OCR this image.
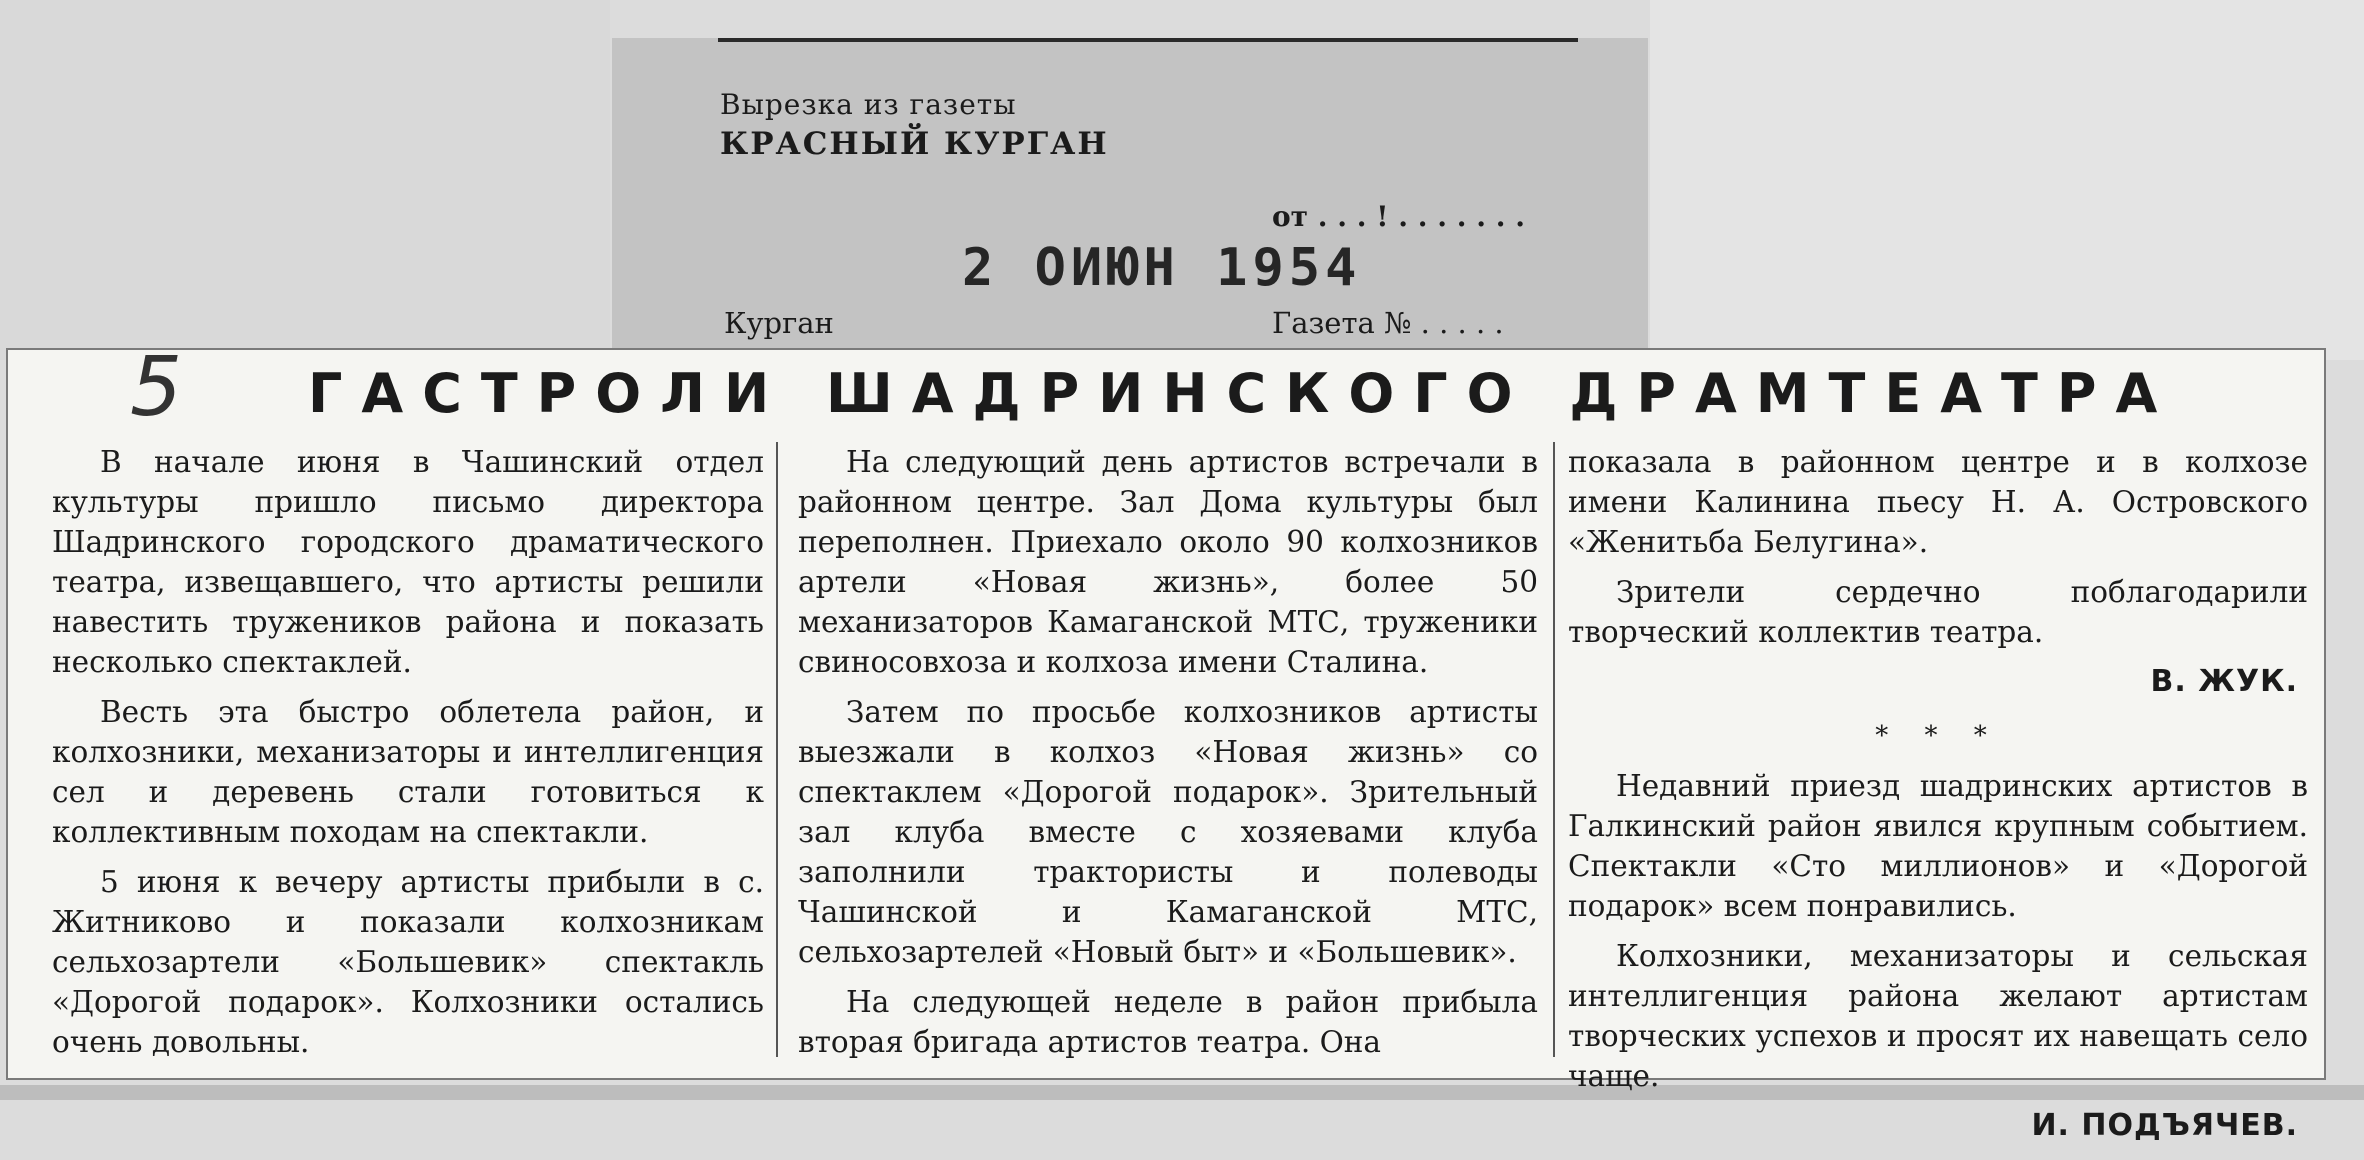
Вырезка из газеты
КРАСНЫЙ КУРГАН
от . . . ! . . . . . . .
2 ОИЮН 1954
Курган	Газета № . . . . .
5 ГАСТРОЛИ ШАДРИНСКОГО ДРАМТЕАТРА

В начале июня в Чашинский отдел культуры пришло письмо директора Шадринского городского драматического театра, извещавшего, что артисты решили навестить тружеников района и показать несколько спектаклей.

Весть эта быстро облетела район, и колхозники, механизаторы и интеллигенция сел и деревень стали готовиться к коллективным походам на спектакли.

5 июня к вечеру артисты прибыли в с. Житниково и показали колхозникам сельхозартели «Большевик» спектакль «Дорогой подарок». Колхозники остались очень довольны.

На следующий день артистов встречали в районном центре. Зал Дома культуры был переполнен. Приехало около 90 колхозников артели «Новая жизнь», более 50 механизаторов Камаганской МТС, труженики свиносовхоза и колхоза имени Сталина.

Затем по просьбе колхозников артисты выезжали в колхоз «Новая жизнь» со спектаклем «Дорогой подарок». Зрительный зал клуба вместе с хозяевами клуба заполнили трактористы и полеводы Чашинской и Камаганской МТС, сельхозартелей «Новый быт» и «Большевик».

На следующей неделе в район прибыла вторая бригада артистов театра. Она

показала в районном центре и в колхозе имени Калинина пьесу Н. А. Островского «Женитьба Белугина».

Зрители сердечно поблагодарили творческий коллектив театра.

В. ЖУК.
* * *

Недавний приезд шадринских артистов в Галкинский район явился крупным событием. Спектакли «Сто миллионов» и «Дорогой подарок» всем понравились.

Колхозники, механизаторы и сельская интеллигенция района желают артистам творческих успехов и просят их навещать село чаще.

И. ПОДЪЯЧЕВ.
